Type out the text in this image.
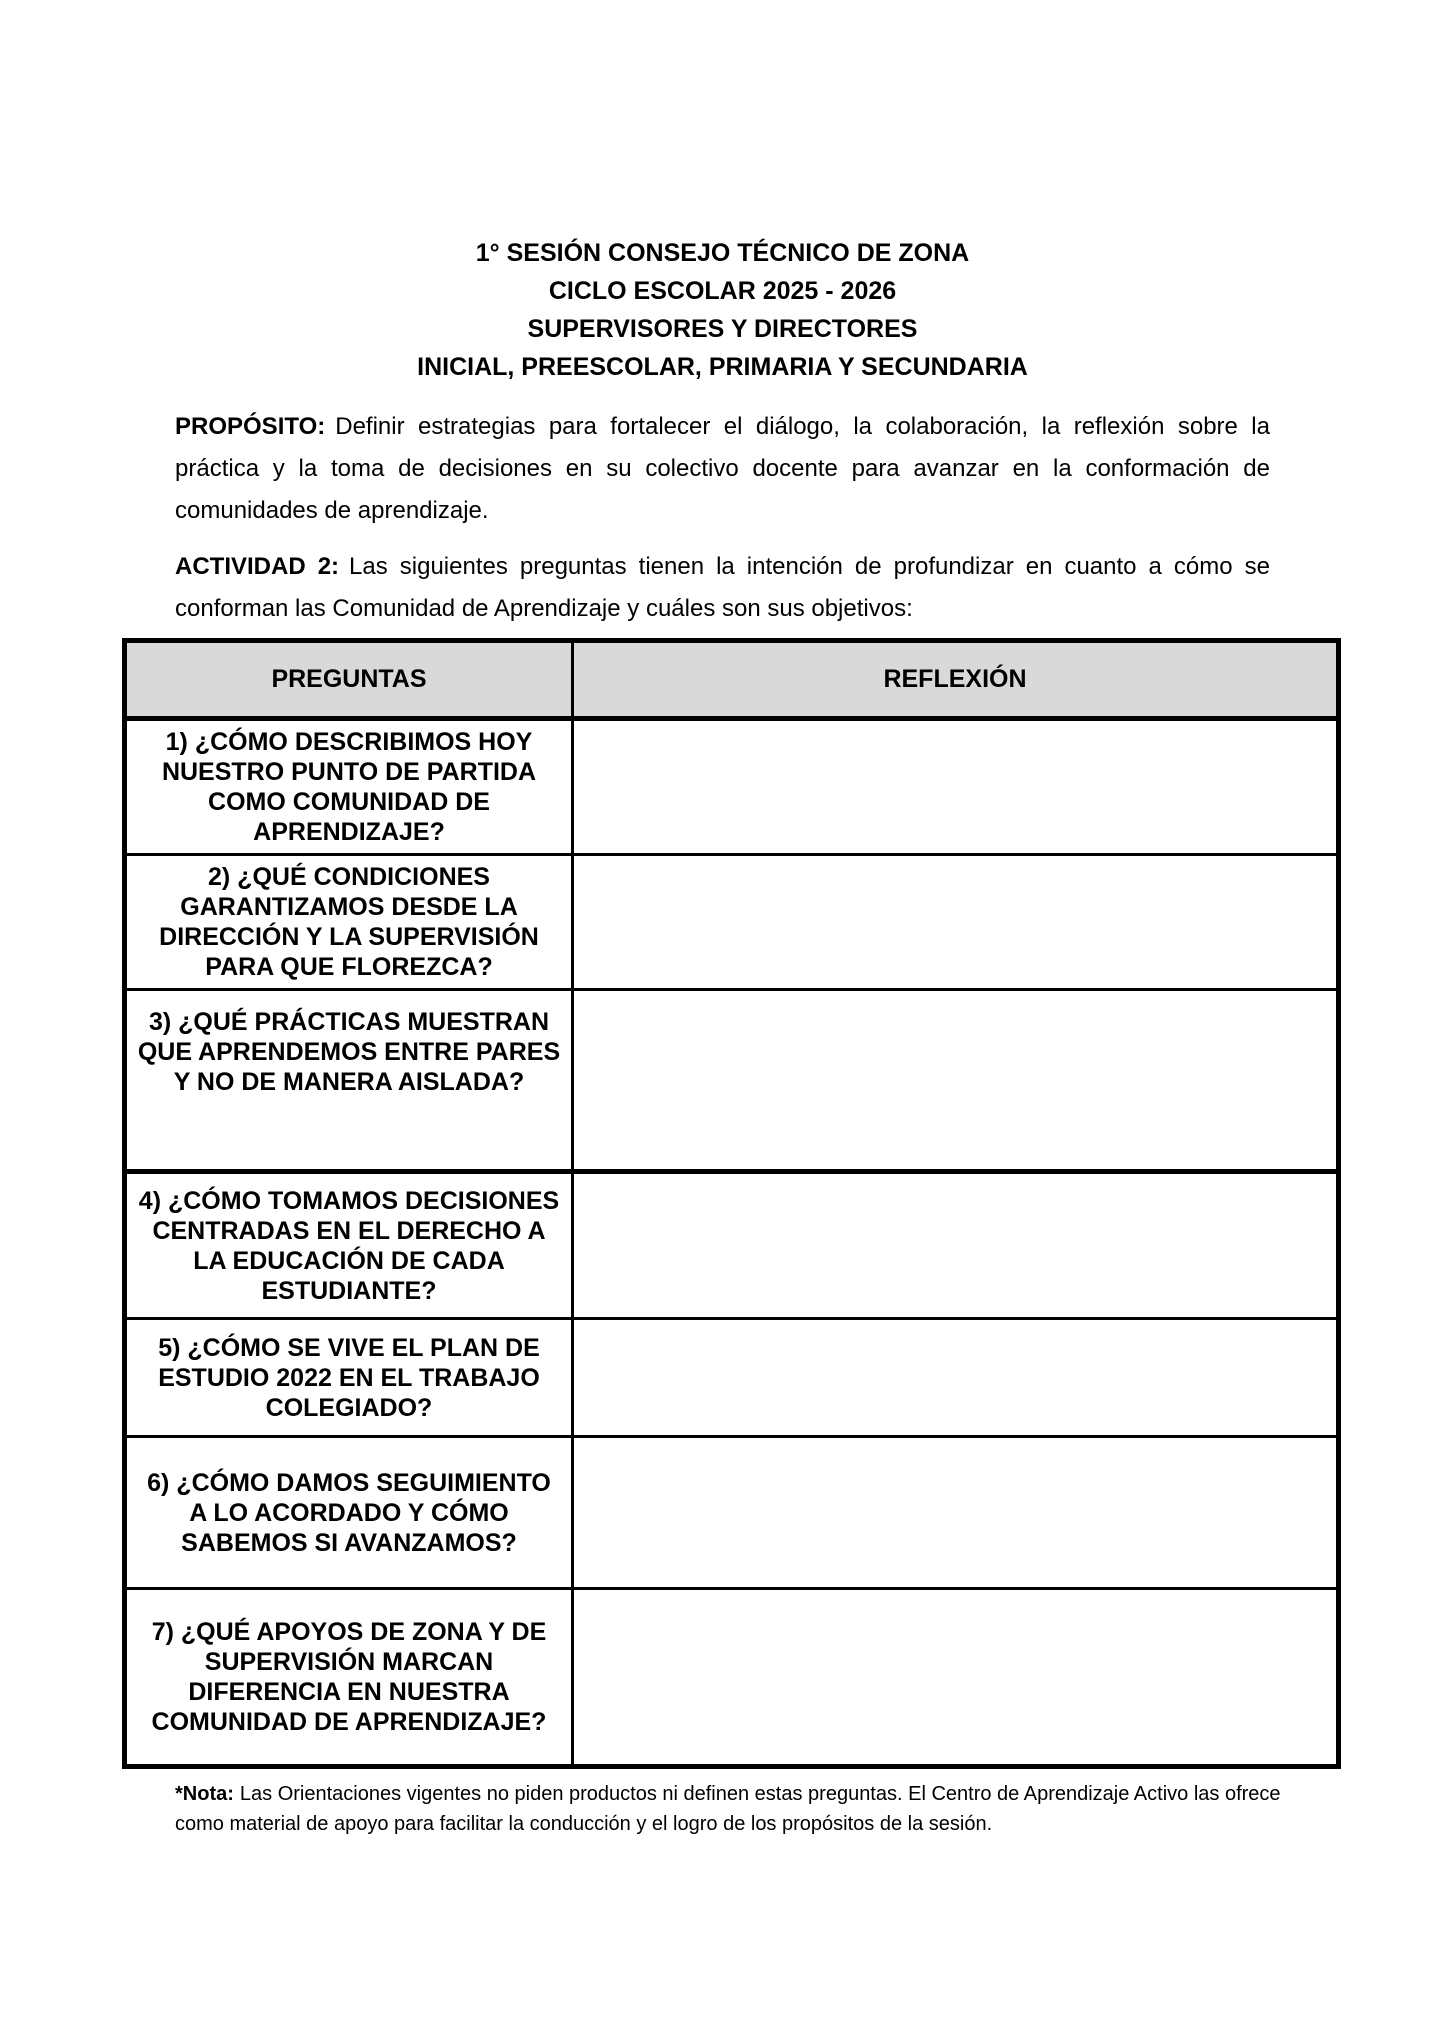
1° SESIÓN CONSEJO TÉCNICO DE ZONA
CICLO ESCOLAR 2025 - 2026
SUPERVISORES Y DIRECTORES
INICIAL, PREESCOLAR, PRIMARIA Y SECUNDARIA

PROPÓSITO: Definir estrategias para fortalecer el diálogo, la colaboración, la reflexión sobre la práctica y la toma de decisiones en su colectivo docente para avanzar en la conformación de comunidades de aprendizaje.

ACTIVIDAD 2: Las siguientes preguntas tienen la intención de profundizar en cuanto a cómo se conforman las Comunidad de Aprendizaje y cuáles son sus objetivos:

PREGUNTAS	REFLEXIÓN
1) ¿CÓMO DESCRIBIMOS HOY NUESTRO PUNTO DE PARTIDA COMO COMUNIDAD DE APRENDIZAJE?	
2) ¿QUÉ CONDICIONES GARANTIZAMOS DESDE LA DIRECCIÓN Y LA SUPERVISIÓN PARA QUE FLOREZCA?	
3) ¿QUÉ PRÁCTICAS MUESTRAN QUE APRENDEMOS ENTRE PARES Y NO DE MANERA AISLADA?	
4) ¿CÓMO TOMAMOS DECISIONES CENTRADAS EN EL DERECHO A LA EDUCACIÓN DE CADA ESTUDIANTE?	
5) ¿CÓMO SE VIVE EL PLAN DE ESTUDIO 2022 EN EL TRABAJO COLEGIADO?	
6) ¿CÓMO DAMOS SEGUIMIENTO A LO ACORDADO Y CÓMO SABEMOS SI AVANZAMOS?	
7) ¿QUÉ APOYOS DE ZONA Y DE SUPERVISIÓN MARCAN DIFERENCIA EN NUESTRA COMUNIDAD DE APRENDIZAJE?	

*Nota: Las Orientaciones vigentes no piden productos ni definen estas preguntas. El Centro de Aprendizaje Activo las ofrece como material de apoyo para facilitar la conducción y el logro de los propósitos de la sesión.
